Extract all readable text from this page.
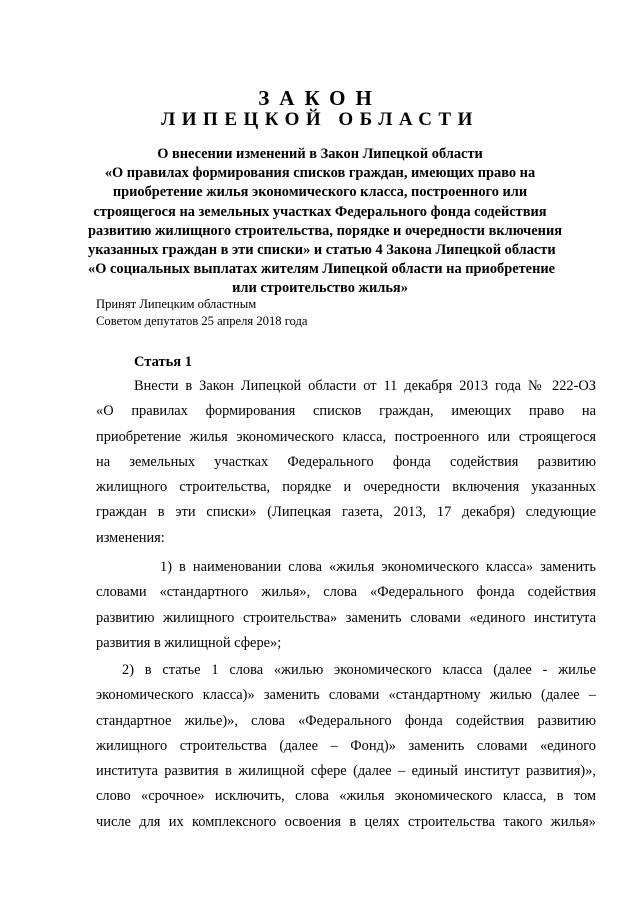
ЗАКОН
ЛИПЕЦКОЙ ОБЛАСТИ
О внесении изменений в Закон Липецкой области
«О правилах формирования списков граждан, имеющих право на
приобретение жилья экономического класса, построенного или
строящегося на земельных участках Федерального фонда содействия
развитию жилищного строительства, порядке и очередности включения
указанных граждан в эти списки» и статью 4 Закона Липецкой области
«О социальных выплатах жителям Липецкой области на приобретение
или строительство жилья»
Принят Липецким областным
Советом депутатов 25 апреля 2018 года
Статья 1
Внести в Закон Липецкой области от 11 декабря 2013 года № 222-ОЗ
«О правилах формирования списков граждан, имеющих право на
приобретение жилья экономического класса, построенного или строящегося
на земельных участках Федерального фонда содействия развитию
жилищного строительства, порядке и очередности включения указанных
граждан в эти списки» (Липецкая газета, 2013, 17 декабря) следующие
изменения:
1) в наименовании слова «жилья экономического класса» заменить
словами «стандартного жилья», слова «Федерального фонда содействия
развитию жилищного строительства» заменить словами «единого института
развития в жилищной сфере»;
2) в статье 1 слова «жилью экономического класса (далее - жилье
экономического класса)» заменить словами «стандартному жилью (далее –
стандартное жилье)», слова «Федерального фонда содействия развитию
жилищного строительства (далее – Фонд)» заменить словами «единого
института развития в жилищной сфере (далее – единый институт развития)»,
слово «срочное» исключить, слова «жилья экономического класса, в том
числе для их комплексного освоения в целях строительства такого жилья»
